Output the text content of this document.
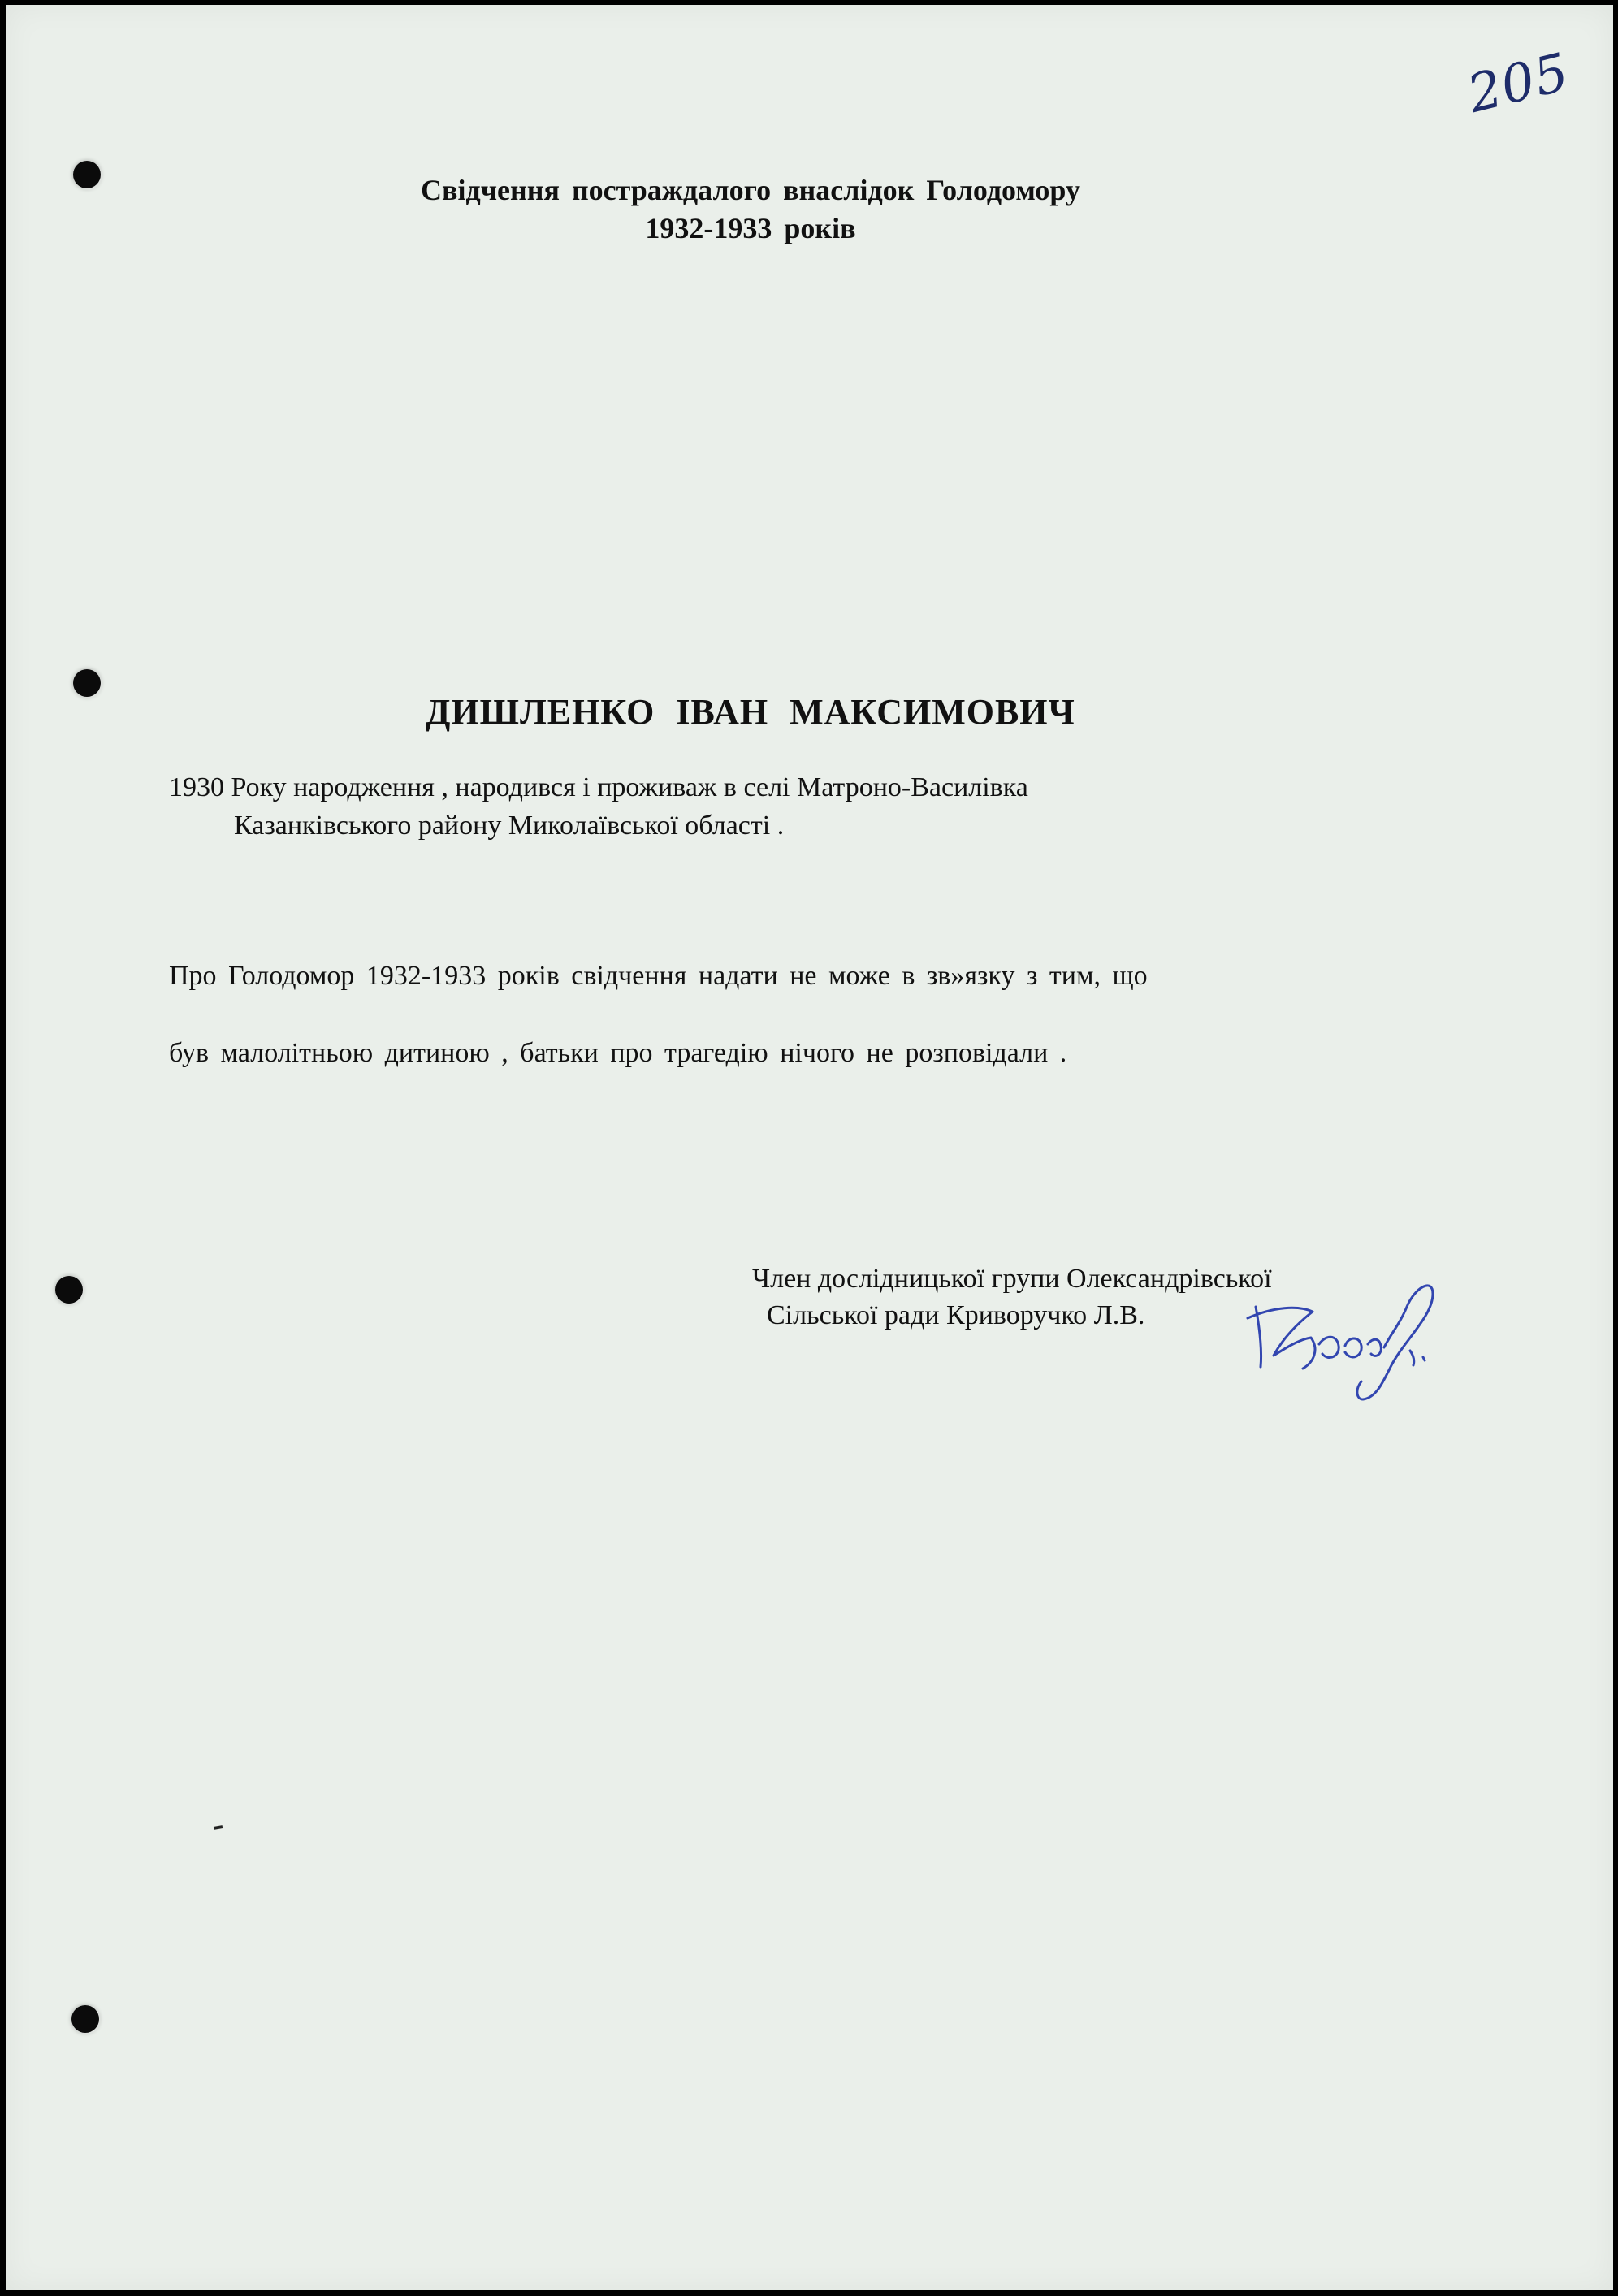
205
Свідчення постраждалого внаслідок Голодомору
1932-1933 років
ДИШЛЕНКО ІВАН МАКСИМОВИЧ
1930 Року народження , народився і проживаж в селі Матроно-Василівка
Казанківського району Миколаївської області .
Про Голодомор 1932-1933 років свідчення надати не може в зв»язку з тим, що
був малолітньою дитиною , батьки про трагедію нічого не розповідали .
Член дослідницької групи Олександрівської
Сільської ради Криворучко Л.В.
